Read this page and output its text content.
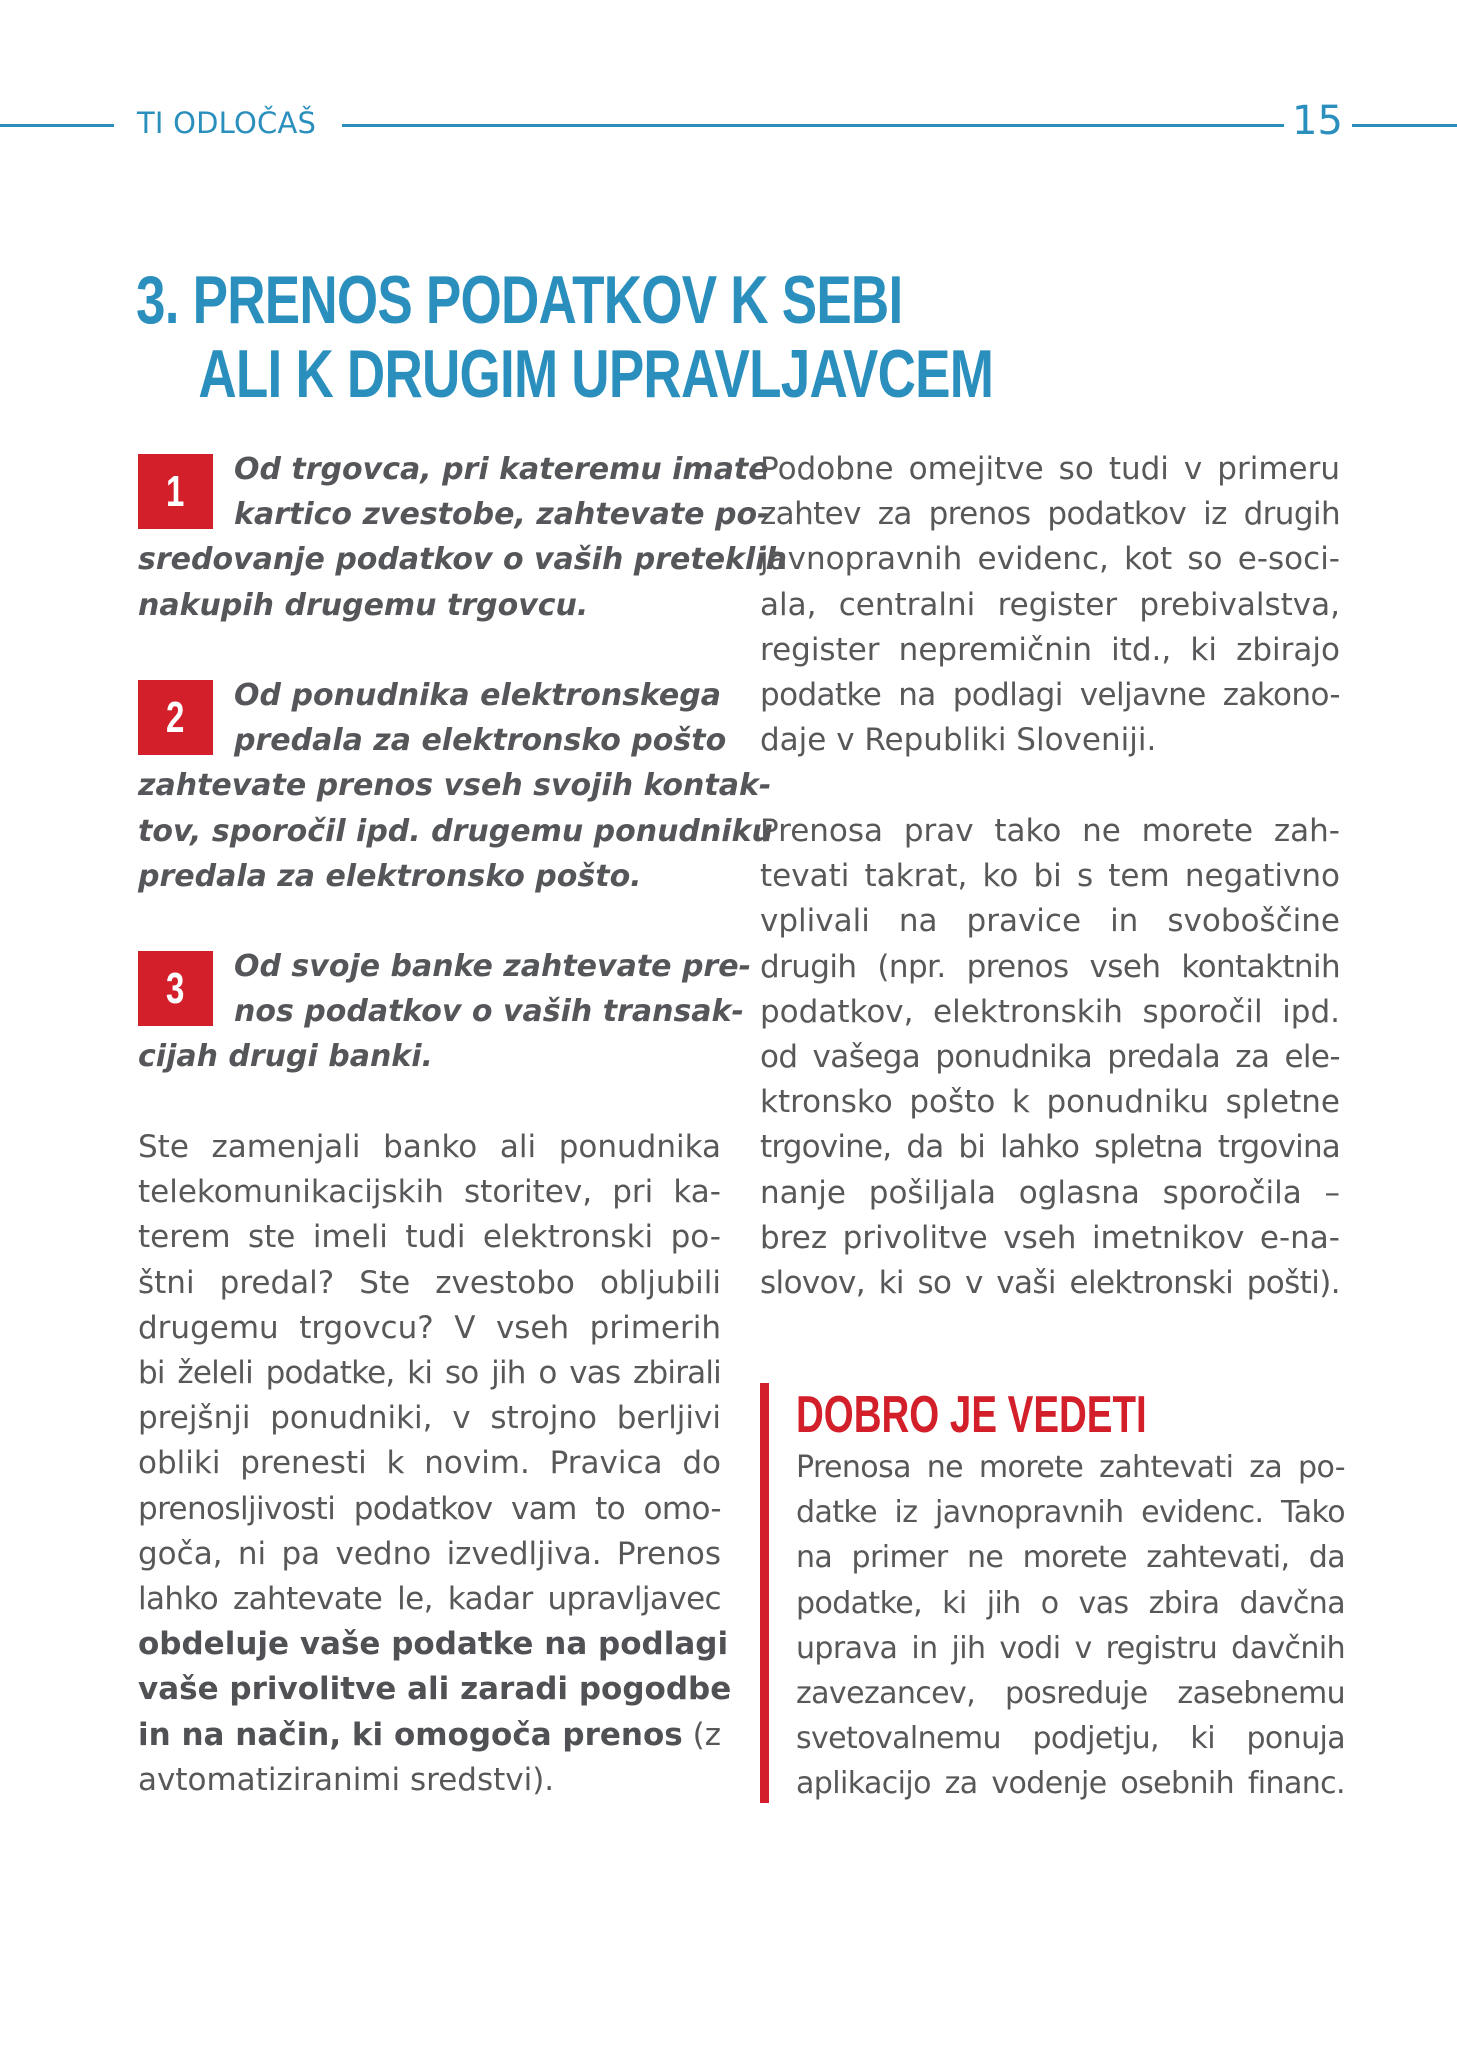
TI ODLOČAŠ	15
3. PRENOS PODATKOV K SEBI
ALI K DRUGIM UPRAVLJAVCEM
1	Od trgovca, pri kateremu imate
kartico zvestobe, zahtevate po-
sredovanje podatkov o vaših preteklih
nakupih drugemu trgovcu.
2	Od ponudnika elektronskega
predala za elektronsko pošto
zahtevate prenos vseh svojih kontak-
tov, sporočil ipd. drugemu ponudniku
predala za elektronsko pošto.
3	Od svoje banke zahtevate pre-
nos podatkov o vaših transak-
cijah drugi banki.
Ste zamenjali banko ali ponudnika
telekomunikacijskih storitev, pri ka-
terem ste imeli tudi elektronski po-
štni predal? Ste zvestobo obljubili
drugemu trgovcu? V vseh primerih
bi želeli podatke, ki so jih o vas zbirali
prejšnji ponudniki, v strojno berljivi
obliki prenesti k novim. Pravica do
prenosljivosti podatkov vam to omo-
goča, ni pa vedno izvedljiva. Prenos
lahko zahtevate le, kadar upravljavec
obdeluje vaše podatke na podlagi
vaše privolitve ali zaradi pogodbe
in na način, ki omogoča prenos (z
avtomatiziranimi sredstvi).
Podobne omejitve so tudi v primeru
zahtev za prenos podatkov iz drugih
javnopravnih evidenc, kot so e-soci-
ala, centralni register prebivalstva,
register nepremičnin itd., ki zbirajo
podatke na podlagi veljavne zakono-
daje v Republiki Sloveniji.
Prenosa prav tako ne morete zah-
tevati takrat, ko bi s tem negativno
vplivali na pravice in svoboščine
drugih (npr. prenos vseh kontaktnih
podatkov, elektronskih sporočil ipd.
od vašega ponudnika predala za ele-
ktronsko pošto k ponudniku spletne
trgovine, da bi lahko spletna trgovina
nanje pošiljala oglasna sporočila –
brez privolitve vseh imetnikov e-na-
slovov, ki so v vaši elektronski pošti).
DOBRO JE VEDETI
Prenosa ne morete zahtevati za po-
datke iz javnopravnih evidenc. Tako
na primer ne morete zahtevati, da
podatke, ki jih o vas zbira davčna
uprava in jih vodi v registru davčnih
zavezancev, posreduje zasebnemu
svetovalnemu podjetju, ki ponuja
aplikacijo za vodenje osebnih financ.
